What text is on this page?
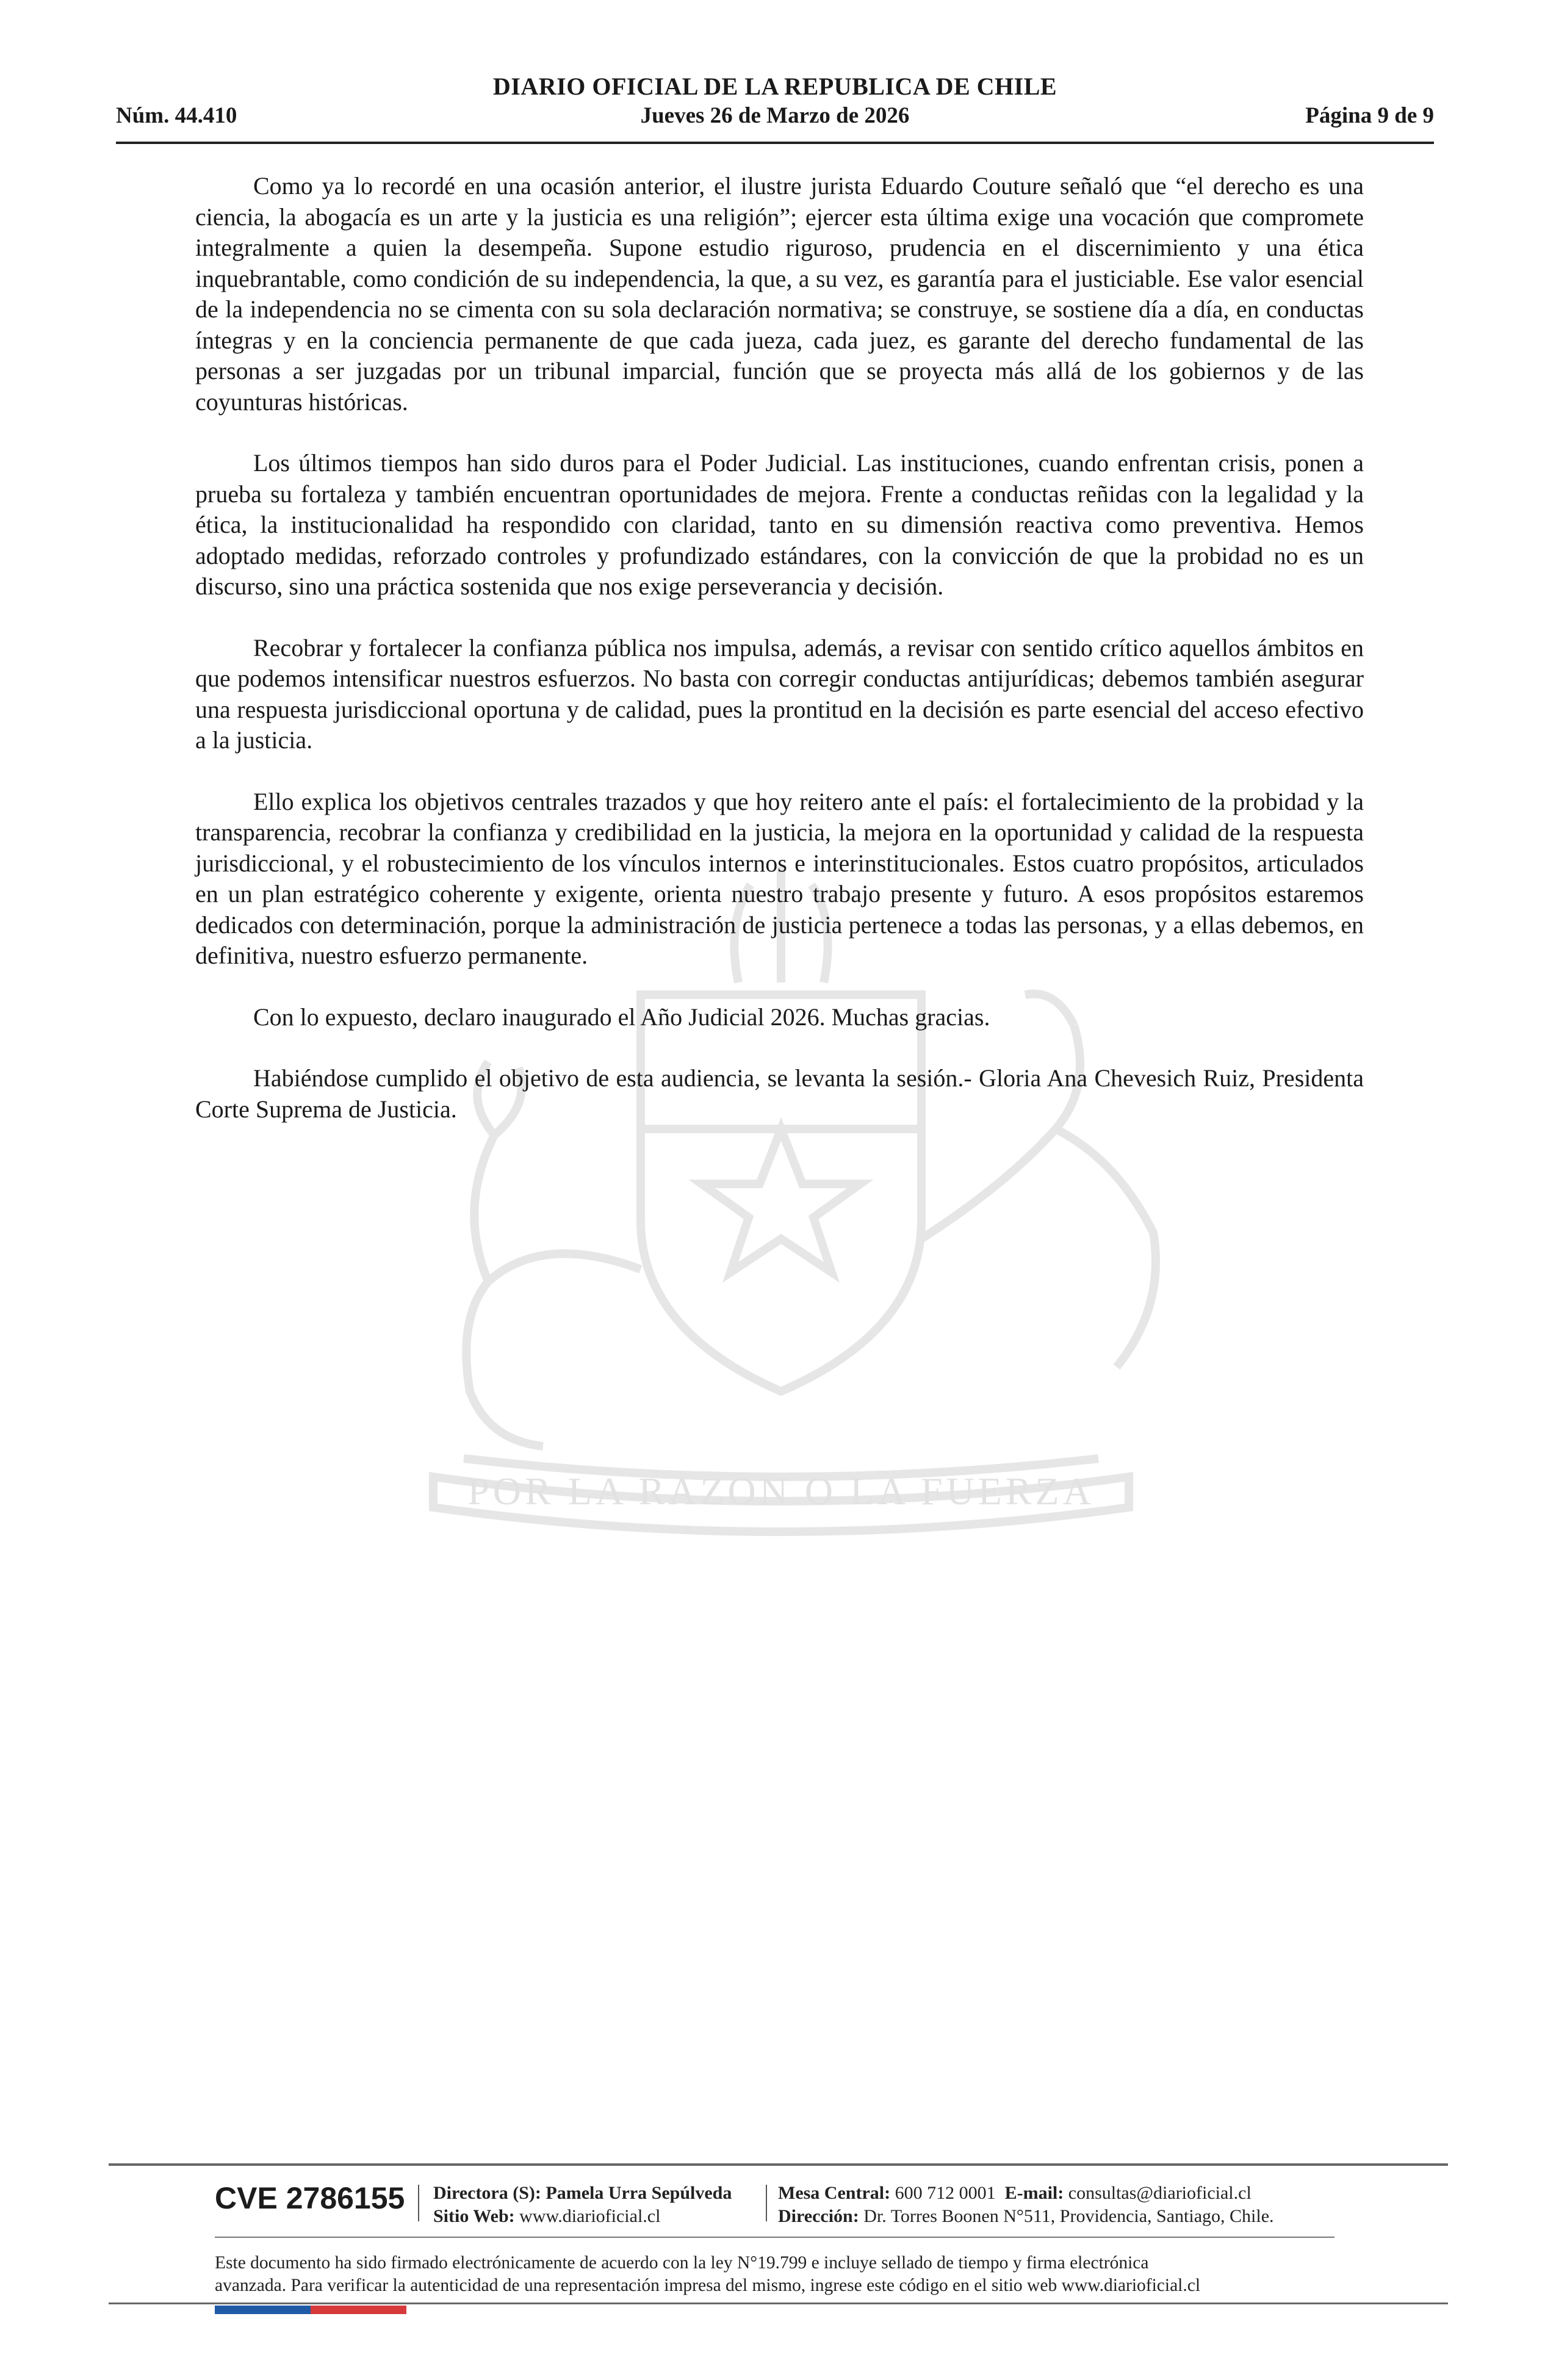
DIARIO OFICIAL DE LA REPUBLICA DE CHILE
Núm. 44.410	Jueves 26 de Marzo de 2026	Página 9 de 9
POR LA RAZON O LA FUERZA

Como ya lo recordé en una ocasión anterior, el ilustre jurista Eduardo Couture señaló que “el derecho es una ciencia, la abogacía es un arte y la justicia es una religión”; ejercer esta última exige una vocación que compromete integralmente a quien la desempeña. Supone estudio riguroso, prudencia en el discernimiento y una ética inquebrantable, como condición de su independencia, la que, a su vez, es garantía para el justiciable. Ese valor esencial de la independencia no se cimenta con su sola declaración normativa; se construye, se sostiene día a día, en conductas íntegras y en la conciencia permanente de que cada jueza, cada juez, es garante del derecho fundamental de las personas a ser juzgadas por un tribunal imparcial, función que se proyecta más allá de los gobiernos y de las coyunturas históricas.

Los últimos tiempos han sido duros para el Poder Judicial. Las instituciones, cuando enfrentan crisis, ponen a prueba su fortaleza y también encuentran oportunidades de mejora. Frente a conductas reñidas con la legalidad y la ética, la institucionalidad ha respondido con claridad, tanto en su dimensión reactiva como preventiva. Hemos adoptado medidas, reforzado controles y profundizado estándares, con la convicción de que la probidad no es un discurso, sino una práctica sostenida que nos exige perseverancia y decisión.

Recobrar y fortalecer la confianza pública nos impulsa, además, a revisar con sentido crítico aquellos ámbitos en que podemos intensificar nuestros esfuerzos. No basta con corregir conductas antijurídicas; debemos también asegurar una respuesta jurisdiccional oportuna y de calidad, pues la prontitud en la decisión es parte esencial del acceso efectivo a la justicia.

Ello explica los objetivos centrales trazados y que hoy reitero ante el país: el fortalecimiento de la probidad y la transparencia, recobrar la confianza y credibilidad en la justicia, la mejora en la oportunidad y calidad de la respuesta jurisdiccional, y el robustecimiento de los vínculos internos e interinstitucionales. Estos cuatro propósitos, articulados en un plan estratégico coherente y exigente, orienta nuestro trabajo presente y futuro. A esos propósitos estaremos dedicados con determinación, porque la administración de justicia pertenece a todas las personas, y a ellas debemos, en definitiva, nuestro esfuerzo permanente.

Con lo expuesto, declaro inaugurado el Año Judicial 2026. Muchas gracias.

Habiéndose cumplido el objetivo de esta audiencia, se levanta la sesión.- Gloria Ana Chevesich Ruiz, Presidenta Corte Suprema de Justicia.

CVE 2786155 Directora (S): Pamela Urra Sepúlveda
Sitio Web: www.diarioficial.cl
Mesa Central: 600 712 0001 E-mail: consultas@diarioficial.cl
Dirección: Dr. Torres Boonen N°511, Providencia, Santiago, Chile.
Este documento ha sido firmado electrónicamente de acuerdo con la ley N°19.799 e incluye sellado de tiempo y firma electrónica
avanzada. Para verificar la autenticidad de una representación impresa del mismo, ingrese este código en el sitio web www.diarioficial.cl
